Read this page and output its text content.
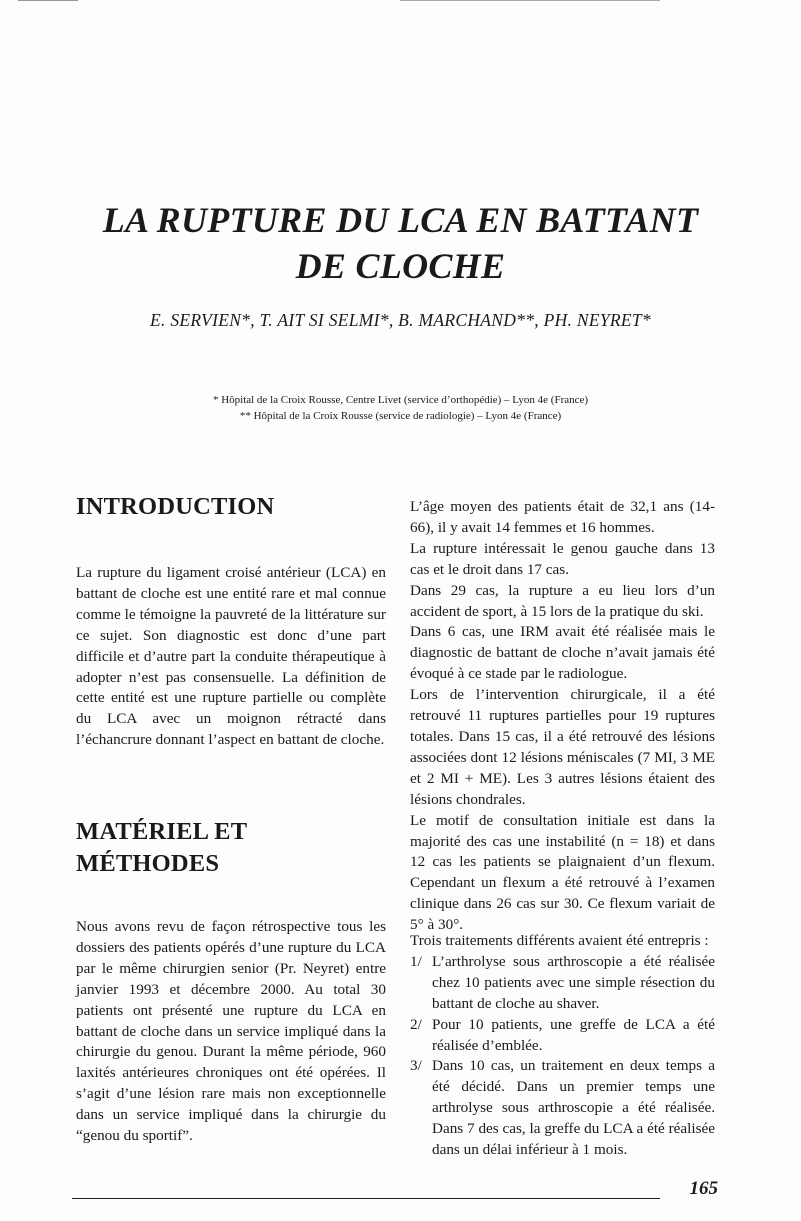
LA RUPTURE DU LCA EN BATTANT
DE CLOCHE
E. SERVIEN*, T. AIT SI SELMI*, B. MARCHAND**, PH. NEYRET*
* Hôpital de la Croix Rousse, Centre Livet (service d’orthopédie) – Lyon 4e (France)
** Hôpital de la Croix Rousse (service de radiologie) – Lyon 4e (France)
INTRODUCTION
La rupture du ligament croisé antérieur (LCA) en battant de cloche est une entité rare et mal connue comme le témoigne la pauvreté de la littérature sur ce sujet. Son diagnostic est donc d’une part difficile et d’autre part la conduite thérapeutique à adopter n’est pas consensuelle. La définition de cette entité est une rupture partielle ou complète du LCA avec un moignon rétracté dans l’échancrure donnant l’aspect en battant de cloche.
MATÉRIEL ET
MÉTHODES
Nous avons revu de façon rétrospective tous les dossiers des patients opérés d’une rupture du LCA par le même chirurgien senior (Pr. Neyret) entre janvier 1993 et décembre 2000. Au total 30 patients ont présenté une rupture du LCA en battant de cloche dans un service impliqué dans la chirurgie du genou. Durant la même période, 960 laxités antérieures chroniques ont été opérées. Il s’agit d’une lésion rare mais non exceptionnelle dans un service impliqué dans la chirurgie du “genou du sportif”.
L’âge moyen des patients était de 32,1 ans (14-66), il y avait 14 femmes et 16 hommes.
La rupture intéressait le genou gauche dans 13 cas et le droit dans 17 cas.
Dans 29 cas, la rupture a eu lieu lors d’un accident de sport, à 15 lors de la pratique du ski.
Dans 6 cas, une IRM avait été réalisée mais le diagnostic de battant de cloche n’avait jamais été évoqué à ce stade par le radiologue.
Lors de l’intervention chirurgicale, il a été retrouvé 11 ruptures partielles pour 19 ruptures totales. Dans 15 cas, il a été retrouvé des lésions associées dont 12 lésions méniscales (7 MI, 3 ME et 2 MI + ME). Les 3 autres lésions étaient des lésions chondrales.
Le motif de consultation initiale est dans la majorité des cas une instabilité (n = 18) et dans 12 cas les patients se plaignaient d’un flexum. Cependant un flexum a été retrouvé à l’examen clinique dans 26 cas sur 30. Ce flexum variait de 5° à 30°.
Trois traitements différents avaient été entrepris :
1/ L’arthrolyse sous arthroscopie a été réalisée chez 10 patients avec une simple résection du battant de cloche au shaver.
2/ Pour 10 patients, une greffe de LCA a été réalisée d’emblée.
3/ Dans 10 cas, un traitement en deux temps a été décidé. Dans un premier temps une arthrolyse sous arthroscopie a été réalisée. Dans 7 des cas, la greffe du LCA a été réalisée dans un délai inférieur à 1 mois.
165
